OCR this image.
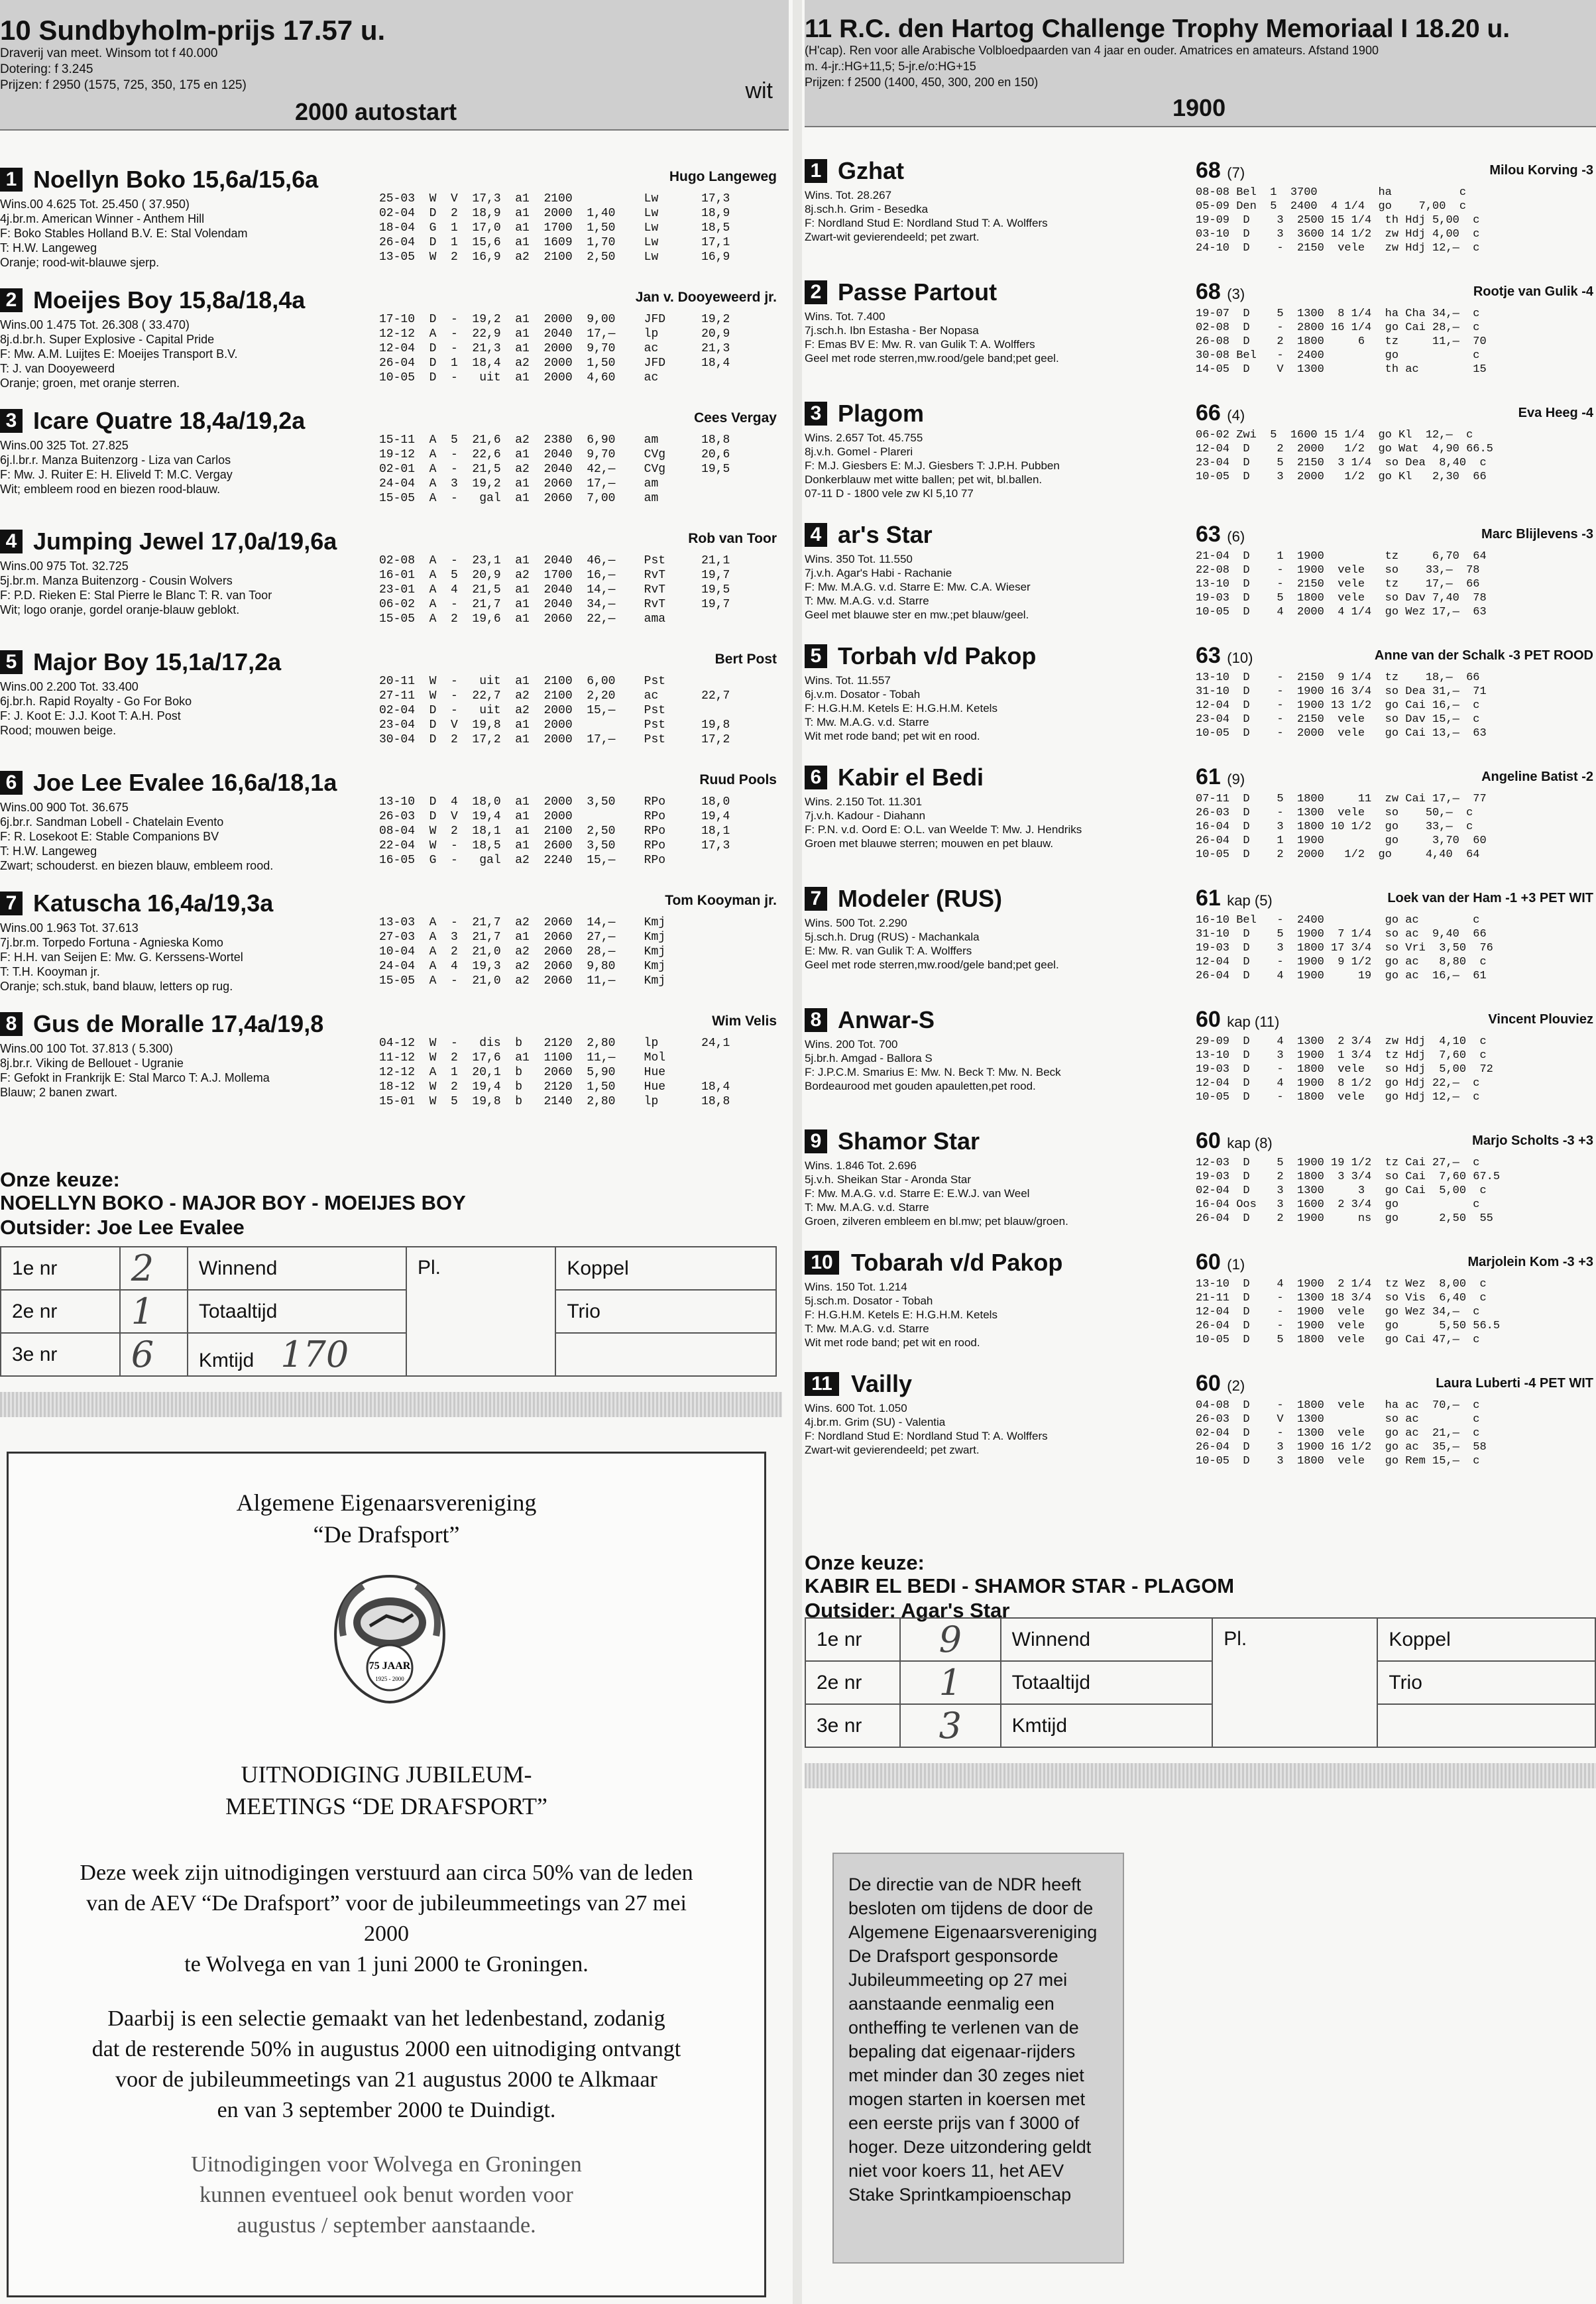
10 Sundbyholm-prijs 17.57 u.
Draverij van meet. Winsom tot f 40.000
Dotering: f 3.245
Prijzen: f 2950 (1575, 725, 350, 175 en 125)
2000 autostart
wit
1 Noellyn Boko 15,6a/15,6a	Hugo Langeweg
Wins.00 4.625 Tot. 25.450 ( 37.950)
4j.br.m. American Winner - Anthem Hill
F: Boko Stables Holland B.V. E: Stal Volendam
T: H.W. Langeweg
Oranje; rood-wit-blauwe sjerp.
25-03  W  V  17,3  a1  2100          Lw      17,3
02-04  D  2  18,9  a1  2000  1,40    Lw      18,9
18-04  G  1  17,0  a1  1700  1,50    Lw      18,5
26-04  D  1  15,6  a1  1609  1,70    Lw      17,1
13-05  W  2  16,9  a2  2100  2,50    Lw      16,9
2 Moeijes Boy 15,8a/18,4a	Jan v. Dooyeweerd jr.
Wins.00 1.475 Tot. 26.308 ( 33.470)
8j.d.br.h. Super Explosive - Capital Pride
F: Mw. A.M. Luijtes E: Moeijes Transport B.V.
T: J. van Dooyeweerd
Oranje; groen, met oranje sterren.
17-10  D  -  19,2  a1  2000  9,00    JFD     19,2
12-12  A  -  22,9  a1  2040  17,—    lp      20,9
12-04  D  -  21,3  a1  2000  9,70    ac      21,3
26-04  D  1  18,4  a2  2000  1,50    JFD     18,4
10-05  D  -   uit  a1  2000  4,60    ac
3 Icare Quatre 18,4a/19,2a	Cees Vergay
Wins.00 325 Tot. 27.825
6j.l.br.r. Manza Buitenzorg - Liza van Carlos
F: Mw. J. Ruiter E: H. Eliveld T: M.C. Vergay
Wit; embleem rood en biezen rood-blauw.
15-11  A  5  21,6  a2  2380  6,90    am      18,8
19-12  A  -  22,6  a1  2040  9,70    CVg     20,6
02-01  A  -  21,5  a2  2040  42,—    CVg     19,5
24-04  A  3  19,2  a1  2060  17,—    am
15-05  A  -   gal  a1  2060  7,00    am
4 Jumping Jewel 17,0a/19,6a	Rob van Toor
Wins.00 975 Tot. 32.725
5j.br.m. Manza Buitenzorg - Cousin Wolvers
F: P.D. Rieken E: Stal Pierre le Blanc T: R. van Toor
Wit; logo oranje, gordel oranje-blauw geblokt.
02-08  A  -  23,1  a1  2040  46,—    Pst     21,1
16-01  A  5  20,9  a2  1700  16,—    RvT     19,7
23-01  A  4  21,5  a1  2040  14,—    RvT     19,5
06-02  A  -  21,7  a1  2040  34,—    RvT     19,7
15-05  A  2  19,6  a1  2060  22,—    ama
5 Major Boy 15,1a/17,2a	Bert Post
Wins.00 2.200 Tot. 33.400
6j.br.h. Rapid Royalty - Go For Boko
F: J. Koot E: J.J. Koot T: A.H. Post
Rood; mouwen beige.
20-11  W  -   uit  a1  2100  6,00    Pst
27-11  W  -  22,7  a2  2100  2,20    ac      22,7
02-04  D  -   uit  a2  2000  15,—    Pst
23-04  D  V  19,8  a1  2000          Pst     19,8
30-04  D  2  17,2  a1  2000  17,—    Pst     17,2
6 Joe Lee Evalee 16,6a/18,1a	Ruud Pools
Wins.00 900 Tot. 36.675
6j.br.r. Sandman Lobell - Chatelain Evento
F: R. Losekoot E: Stable Companions BV
T: H.W. Langeweg
Zwart; schouderst. en biezen blauw, embleem rood.
13-10  D  4  18,0  a1  2000  3,50    RPo     18,0
26-03  D  V  19,4  a1  2000          RPo     19,4
08-04  W  2  18,1  a1  2100  2,50    RPo     18,1
22-04  W  -  18,5  a1  2600  3,50    RPo     17,3
16-05  G  -   gal  a2  2240  15,—    RPo
7 Katuscha 16,4a/19,3a	Tom Kooyman jr.
Wins.00 1.963 Tot. 37.613
7j.br.m. Torpedo Fortuna - Agnieska Komo
F: H.H. van Seijen E: Mw. G. Kerssens-Wortel
T: T.H. Kooyman jr.
Oranje; sch.stuk, band blauw, letters op rug.
13-03  A  -  21,7  a2  2060  14,—    Kmj
27-03  A  3  21,7  a1  2060  27,—    Kmj
10-04  A  2  21,0  a2  2060  28,—    Kmj
24-04  A  4  19,3  a2  2060  9,80    Kmj
15-05  A  -  21,0  a2  2060  11,—    Kmj
8 Gus de Moralle 17,4a/19,8	Wim Velis
Wins.00 100 Tot. 37.813 ( 5.300)
8j.br.r. Viking de Bellouet - Ugranie
F: Gefokt in Frankrijk E: Stal Marco T: A.J. Mollema
Blauw; 2 banen zwart.
04-12  W  -   dis  b   2120  2,80    lp      24,1
11-12  W  2  17,6  a1  1100  11,—    Mol
12-12  A  1  20,1  b   2060  5,90    Hue
18-12  W  2  19,4  b   2120  1,50    Hue     18,4
15-01  W  5  19,8  b   2140  2,80    lp      18,8
Onze keuze:
NOELLYN BOKO - MAJOR BOY - MOEIJES BOY
Outsider: Joe Lee Evalee
1e nr	2	Winnend	Pl.	Koppel
2e nr	1	Totaaltijd		Trio
3e nr	6	Kmtijd 170		
Algemene Eigenaarsvereniging
“De Drafsport”
75 JAAR
1925 - 2000
UITNODIGING JUBILEUM-
MEETINGS “DE DRAFSPORT”
Deze week zijn uitnodigingen verstuurd aan circa 50% van de leden
van de AEV “De Drafsport” voor de jubileummeetings van 27 mei
2000
te Wolvega en van 1 juni 2000 te Groningen.
Daarbij is een selectie gemaakt van het ledenbestand, zodanig
dat de resterende 50% in augustus 2000 een uitnodiging ontvangt
voor de jubileummeetings van 21 augustus 2000 te Alkmaar
en van 3 september 2000 te Duindigt.
Uitnodigingen voor Wolvega en Groningen
kunnen eventueel ook benut worden voor
augustus / september aanstaande.
11 R.C. den Hartog Challenge Trophy Memoriaal I 18.20 u.
(H'cap). Ren voor alle Arabische Volbloedpaarden van 4 jaar en ouder. Amatrices en amateurs. Afstand 1900
m. 4-jr.:HG+11,5; 5-jr.e/o:HG+15
Prijzen: f 2500 (1400, 450, 300, 200 en 150)
1900
1 Gzhat	68 (7)	Milou Korving -3
Wins. Tot. 28.267
8j.sch.h. Grim - Besedka
F: Nordland Stud E: Nordland Stud T: A. Wolffers
Zwart-wit gevierendeeld; pet zwart.
08-08 Bel  1  3700         ha          c
05-09 Den  5  2400  4 1/4  go    7,00  c
19-09  D    3  2500 15 1/4  th Hdj 5,00  c
03-10  D    3  3600 14 1/2  zw Hdj 4,00  c
24-10  D    -  2150  vele   zw Hdj 12,—  c
2 Passe Partout	68 (3)	Rootje van Gulik -4
Wins. Tot. 7.400
7j.sch.h. Ibn Estasha - Ber Nopasa
F: Emas BV E: Mw. R. van Gulik T: A. Wolffers
Geel met rode sterren,mw.rood/gele band;pet geel.
19-07  D    5  1300  8 1/4  ha Cha 34,—  c
02-08  D    -  2800 16 1/4  go Cai 28,—  c
26-08  D    2  1800     6   tz     11,—  70
30-08 Bel   -  2400         go           c
14-05  D    V  1300         th ac        15
3 Plagom	66 (4)	Eva Heeg -4
Wins. 2.657 Tot. 45.755
8j.v.h. Gomel - Plareri
F: M.J. Giesbers E: M.J. Giesbers T: J.P.H. Pubben
Donkerblauw met witte ballen; pet wit, bl.ballen.
07-11 D - 1800 vele zw Kl 5,10 77
06-02 Zwi  5  1600 15 1/4  go Kl  12,—  c
12-04  D    2  2000   1/2  go Wat  4,90 66.5
23-04  D    5  2150  3 1/4  so Dea  8,40  c
10-05  D    3  2000   1/2  go Kl   2,30  66
4 ar's Star	63 (6)	Marc Blijlevens -3
Wins. 350 Tot. 11.550
7j.v.h. Agar's Habi - Rachanie
F: Mw. M.A.G. v.d. Starre E: Mw. C.A. Wieser
T: Mw. M.A.G. v.d. Starre
Geel met blauwe ster en mw.;pet blauw/geel.
21-04  D    1  1900         tz     6,70  64
22-08  D    -  1900  vele   so    33,—  78
13-10  D    -  2150  vele   tz    17,—  66
19-03  D    5  1800  vele   so Dav 7,40  78
10-05  D    4  2000  4 1/4  go Wez 17,—  63
5 Torbah v/d Pakop	63 (10)	Anne van der Schalk -3 PET ROOD
Wins. Tot. 11.557
6j.v.m. Dosator - Tobah
F: H.G.H.M. Ketels E: H.G.H.M. Ketels
T: Mw. M.A.G. v.d. Starre
Wit met rode band; pet wit en rood.
13-10  D    -  2150  9 1/4  tz    18,—  66
31-10  D    -  1900 16 3/4  so Dea 31,—  71
12-04  D    -  1900 13 1/2  go Cai 16,—  c
23-04  D    -  2150  vele   so Dav 15,—  c
10-05  D    -  2000  vele   go Cai 13,—  63
6 Kabir el Bedi	61 (9)	Angeline Batist -2
Wins. 2.150 Tot. 11.301
7j.v.h. Kadour - Diahann
F: P.N. v.d. Oord E: O.L. van Weelde T: Mw. J. Hendriks
Groen met blauwe sterren; mouwen en pet blauw.
07-11  D    5  1800     11  zw Cai 17,—  77
26-03  D    -  1300  vele   so    50,—  c
16-04  D    3  1800 10 1/2  go    33,—  c
26-04  D    1  1900         go     3,70  60
10-05  D    2  2000   1/2  go     4,40  64
7 Modeler (RUS)	61 kap (5)	Loek van der Ham -1 +3 PET WIT
Wins. 500 Tot. 2.290
5j.sch.h. Drug (RUS) - Machankala
E: Mw. R. van Gulik T: A. Wolffers
Geel met rode sterren,mw.rood/gele band;pet geel.
16-10 Bel   -  2400         go ac        c
31-10  D    5  1900  7 1/4  so ac  9,40  66
19-03  D    3  1800 17 3/4  so Vri  3,50  76
12-04  D    -  1900  9 1/2  go ac   8,80  c
26-04  D    4  1900     19  go ac  16,—  61
8 Anwar-S	60 kap (11)	Vincent Plouviez
Wins. 200 Tot. 700
5j.br.h. Amgad - Ballora S
F: J.P.C.M. Smarius E: Mw. N. Beck T: Mw. N. Beck
Bordeaurood met gouden apauletten,pet rood.
29-09  D    4  1300  2 3/4  zw Hdj  4,10  c
13-10  D    3  1900  1 3/4  tz Hdj  7,60  c
19-03  D    -  1800  vele   so Hdj  5,00  72
12-04  D    4  1900  8 1/2  go Hdj 22,—  c
10-05  D    -  1800  vele   go Hdj 12,—  c
9 Shamor Star	60 kap (8)	Marjo Scholts -3 +3
Wins. 1.846 Tot. 2.696
5j.v.h. Sheikan Star - Aronda Star
F: Mw. M.A.G. v.d. Starre E: E.W.J. van Weel
T: Mw. M.A.G. v.d. Starre
Groen, zilveren embleem en bl.mw; pet blauw/groen.
12-03  D    5  1900 19 1/2  tz Cai 27,—  c
19-03  D    2  1800  3 3/4  so Cai  7,60 67.5
02-04  D    3  1300     3   go Cai  5,00  c
16-04 Oos   3  1600  2 3/4  go           c
26-04  D    2  1900     ns  go      2,50  55
10 Tobarah v/d Pakop	60 (1)	Marjolein Kom -3 +3
Wins. 150 Tot. 1.214
5j.sch.m. Dosator - Tobah
F: H.G.H.M. Ketels E: H.G.H.M. Ketels
T: Mw. M.A.G. v.d. Starre
Wit met rode band; pet wit en rood.
13-10  D    4  1900  2 1/4  tz Wez  8,00  c
21-11  D    -  1300 18 3/4  so Vis  6,40  c
12-04  D    -  1900  vele   go Wez 34,—  c
26-04  D    -  1900  vele   go      5,50 56.5
10-05  D    5  1800  vele   go Cai 47,—  c
11 Vailly	60 (2)	Laura Luberti -4 PET WIT
Wins. 600 Tot. 1.050
4j.br.m. Grim (SU) - Valentia
F: Nordland Stud E: Nordland Stud T: A. Wolffers
Zwart-wit gevierendeeld; pet zwart.
04-08  D    -  1800  vele   ha ac  70,—  c
26-03  D    V  1300         so ac        c
02-04  D    -  1300  vele   go ac  21,—  c
26-04  D    3  1900 16 1/2  go ac  35,—  58
10-05  D    3  1800  vele   go Rem 15,—  c
Onze keuze:
KABIR EL BEDI - SHAMOR STAR - PLAGOM
Outsider: Agar's Star
1e nr	9	Winnend	Pl.	Koppel
2e nr	1	Totaaltijd		Trio
3e nr	3	Kmtijd		
De directie van de NDR heeft besloten om tijdens de door de Algemene Eigenaarsvereniging De Drafsport gesponsorde Jubileummeeting op 27 mei aanstaande eenmalig een ontheffing te verlenen van de bepaling dat eigenaar-rijders met minder dan 30 zeges niet mogen starten in koersen met een eerste prijs van f 3000 of hoger. Deze uitzondering geldt niet voor koers 11, het AEV Stake Sprintkampioenschap
